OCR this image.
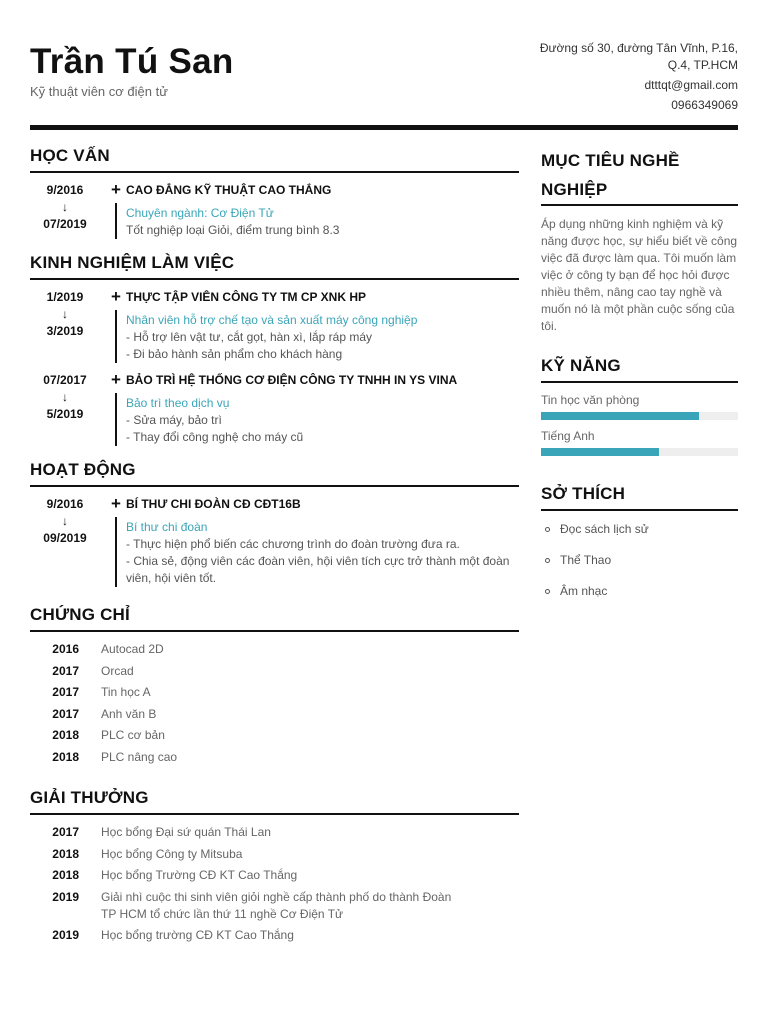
Trần Tú San
Kỹ thuật viên cơ điện tử
Đường số 30, đường Tân Vĩnh, P.16, Q.4, TP.HCM
dtttqt@gmail.com
0966349069
HỌC VẤN
9/2016
↓
07/2019
+ CAO ĐẲNG KỸ THUẬT CAO THẮNG
Chuyên ngành: Cơ Điện Tử
Tốt nghiệp loại Giỏi, điểm trung bình 8.3
KINH NGHIỆM LÀM VIỆC
1/2019
↓
3/2019
+ THỰC TẬP VIÊN CÔNG TY TM CP XNK HP
Nhân viên hỗ trợ chế tạo và sản xuất máy công nghiệp
- Hỗ trợ lên vật tư, cắt gọt, hàn xì, lắp ráp máy
- Đi bảo hành sản phẩm cho khách hàng
07/2017
↓
5/2019
+ BẢO TRÌ HỆ THỐNG CƠ ĐIỆN CÔNG TY TNHH IN YS VINA
Bảo trì theo dịch vụ
- Sửa máy, bảo trì
- Thay đổi công nghệ cho máy cũ
HOẠT ĐỘNG
9/2016
↓
09/2019
+ BÍ THƯ CHI ĐOÀN CĐ CĐT16B
Bí thư chi đoàn
- Thực hiện phổ biến các chương trình do đoàn trường đưa ra.
- Chia sẻ, động viên các đoàn viên, hội viên tích cực trở thành một đoàn viên, hội viên tốt.
CHỨNG CHỈ
2016	Autocad 2D
2017	Orcad
2017	Tin học A
2017	Anh văn B
2018	PLC cơ bản
2018	PLC nâng cao
GIẢI THƯỞNG
2017	Học bổng Đại sứ quán Thái Lan
2018	Học bổng Công ty Mitsuba
2018	Học bổng Trường CĐ KT Cao Thắng
2019	Giải nhì cuộc thi sinh viên giỏi nghề cấp thành phố do thành Đoàn TP HCM tổ chức lần thứ 11 nghề Cơ Điện Tử
2019	Học bổng trường CĐ KT Cao Thắng
MỤC TIÊU NGHỀ NGHIỆP
Áp dụng những kinh nghiệm và kỹ năng được học, sự hiểu biết về công việc đã được làm qua. Tôi muốn làm việc ở công ty bạn để học hỏi được nhiều thêm, nâng cao tay nghề và muốn nó là một phần cuộc sống của tôi.
KỸ NĂNG
Tin học văn phòng
Tiếng Anh
SỞ THÍCH
Đọc sách lịch sử
Thể Thao
Âm nhạc
